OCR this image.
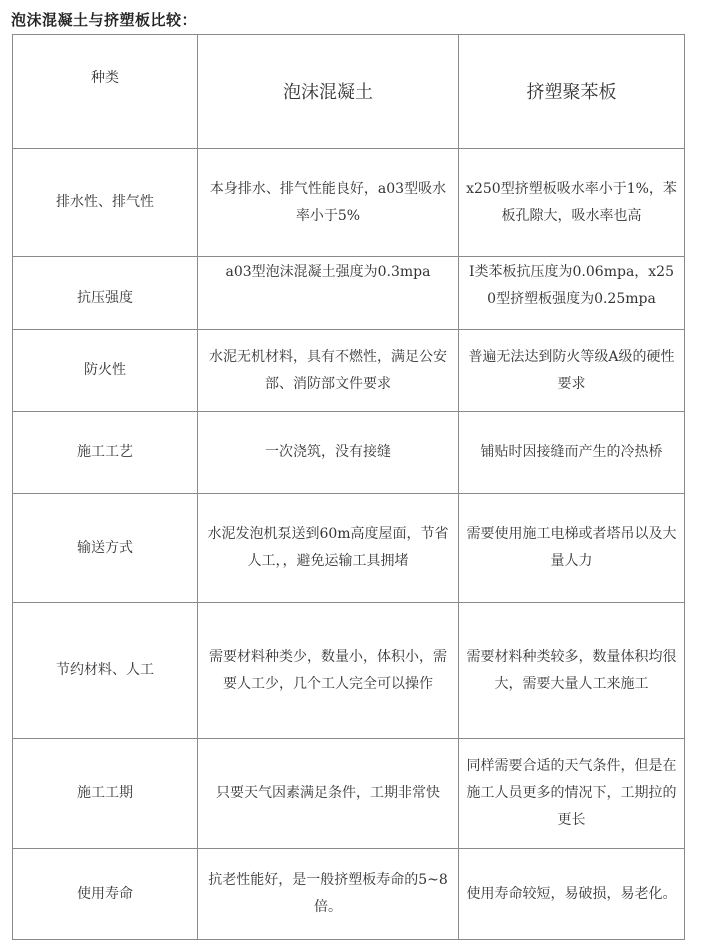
泡沫混凝土与挤塑板比较：
种类	泡沫混凝土	挤塑聚苯板
排水性、排气性	本身排水、排气性能良好，a03型吸水率小于5%	x250型挤塑板吸水率小于1%，苯板孔隙大，吸水率也高
抗压强度	a03型泡沫混凝土强度为0.3mpa	I类苯板抗压度为0.06mpa，x250型挤塑板强度为0.25mpa
防火性	水泥无机材料，具有不燃性，满足公安部、消防部文件要求	普遍无法达到防火等级A级的硬性要求
施工工艺	一次浇筑，没有接缝	铺贴时因接缝而产生的冷热桥
输送方式	水泥发泡机泵送到60m高度屋面，节省人工，，避免运输工具拥堵	需要使用施工电梯或者塔吊以及大量人力
节约材料、人工	需要材料种类少，数量小，体积小，需要人工少，几个工人完全可以操作	需要材料种类较多，数量体积均很大，需要大量人工来施工
施工工期	只要天气因素满足条件，工期非常快	同样需要合适的天气条件，但是在施工人员更多的情况下，工期拉的更长
使用寿命	抗老性能好，是一般挤塑板寿命的5~8倍。	使用寿命较短，易破损，易老化。
